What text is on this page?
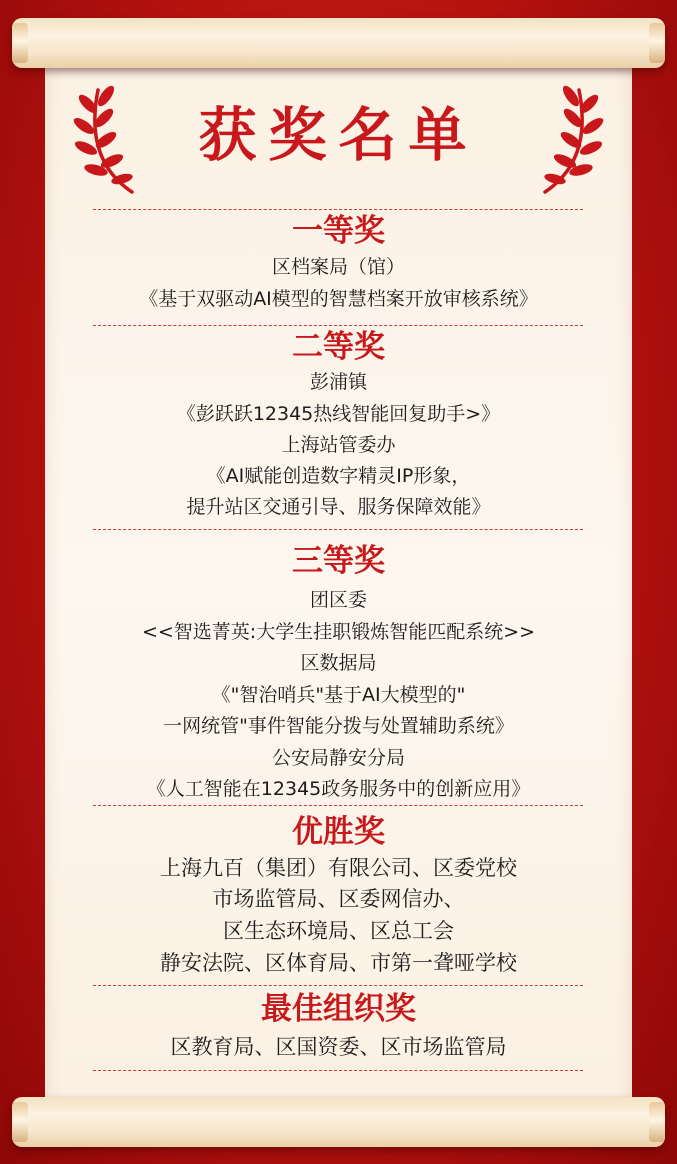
获奖名单
一等奖
区档案局（馆）
《基于双驱动AI模型的智慧档案开放审核系统》
二等奖
彭浦镇
《彭跃跃12345热线智能回复助手>》
上海站管委办
《AI赋能创造数字精灵IP形象，
提升站区交通引导、服务保障效能》
三等奖
团区委
<<智选菁英:大学生挂职锻炼智能匹配系统>>
区数据局
《"智治哨兵"基于AI大模型的"
一网统管"事件智能分拨与处置辅助系统》
公安局静安分局
《人工智能在12345政务服务中的创新应用》
优胜奖
上海九百（集团）有限公司、区委党校
市场监管局、区委网信办、
区生态环境局、区总工会
静安法院、区体育局、市第一聋哑学校
最佳组织奖
区教育局、区国资委、区市场监管局
